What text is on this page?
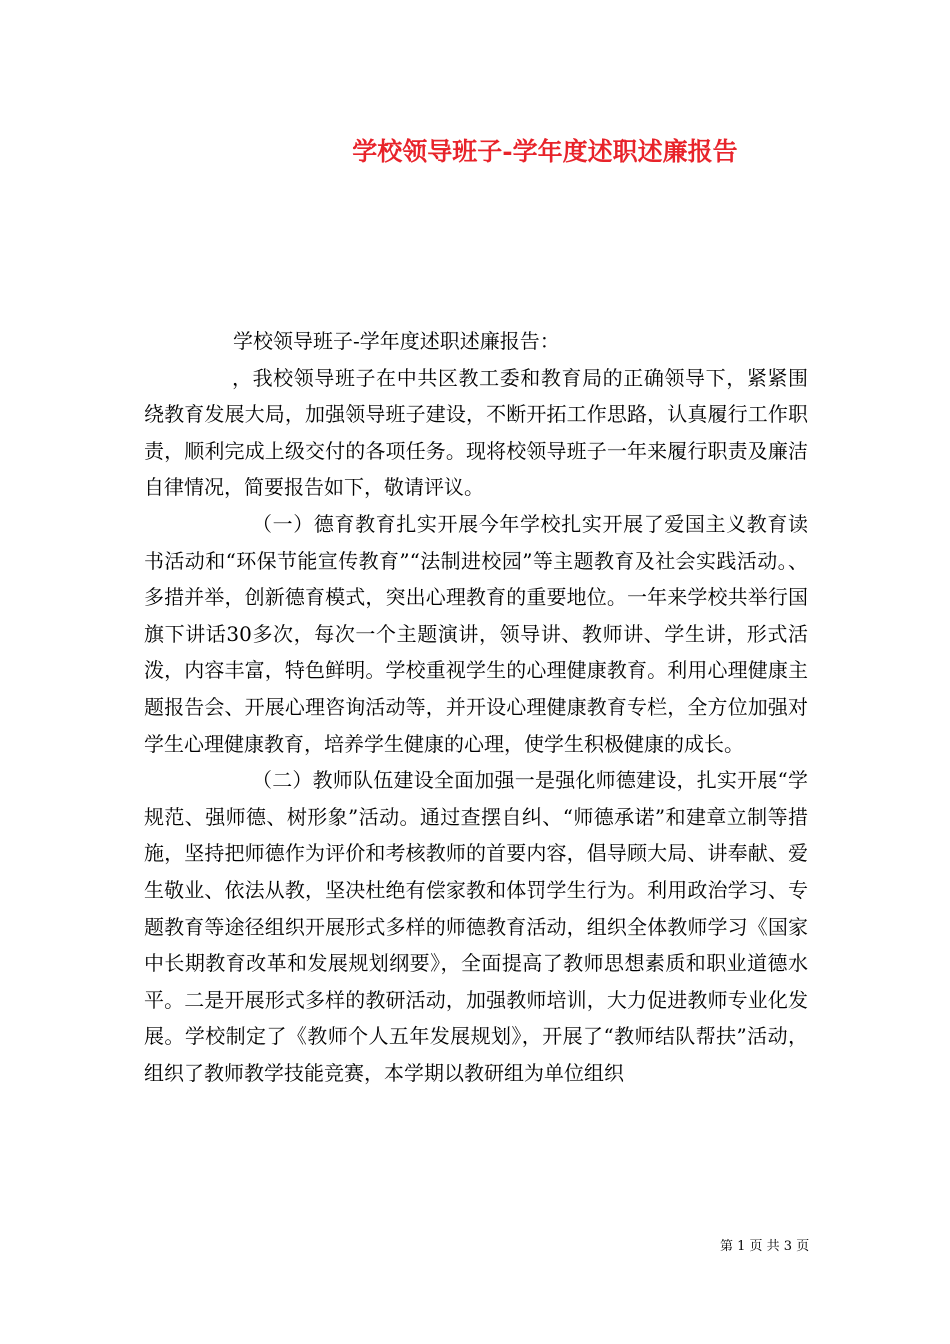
学校领导班子-学年度述职述廉报告

学校领导班子-学年度述职述廉报告：

，我校领导班子在中共区教工委和教育局的正确领导下，紧紧围绕教育发展大局，加强领导班子建设，不断开拓工作思路，认真履行工作职责，顺利完成上级交付的各项任务。现将校领导班子一年来履行职责及廉洁自律情况，简要报告如下，敬请评议。

（一）德育教育扎实开展今年学校扎实开展了爱国主义教育读书活动和“环保节能宣传教育”“法制进校园”等主题教育及社会实践活动。、多措并举，创新德育模式，突出心理教育的重要地位。一年来学校共举行国旗下讲话30多次，每次一个主题演讲，领导讲、教师讲、学生讲，形式活泼，内容丰富，特色鲜明。学校重视学生的心理健康教育。利用心理健康主题报告会、开展心理咨询活动等，并开设心理健康教育专栏，全方位加强对学生心理健康教育，培养学生健康的心理，使学生积极健康的成长。

（二）教师队伍建设全面加强一是强化师德建设，扎实开展“学规范、强师德、树形象”活动。通过查摆自纠、“师德承诺”和建章立制等措施，坚持把师德作为评价和考核教师的首要内容，倡导顾大局、讲奉献、爱生敬业、依法从教，坚决杜绝有偿家教和体罚学生行为。利用政治学习、专题教育等途径组织开展形式多样的师德教育活动，组织全体教师学习《国家中长期教育改革和发展规划纲要》，全面提高了教师思想素质和职业道德水平。二是开展形式多样的教研活动，加强教师培训，大力促进教师专业化发展。学校制定了《教师个人五年发展规划》，开展了“教师结队帮扶”活动，组织了教师教学技能竞赛，本学期以教研组为单位组织

第 1 页 共 3 页
